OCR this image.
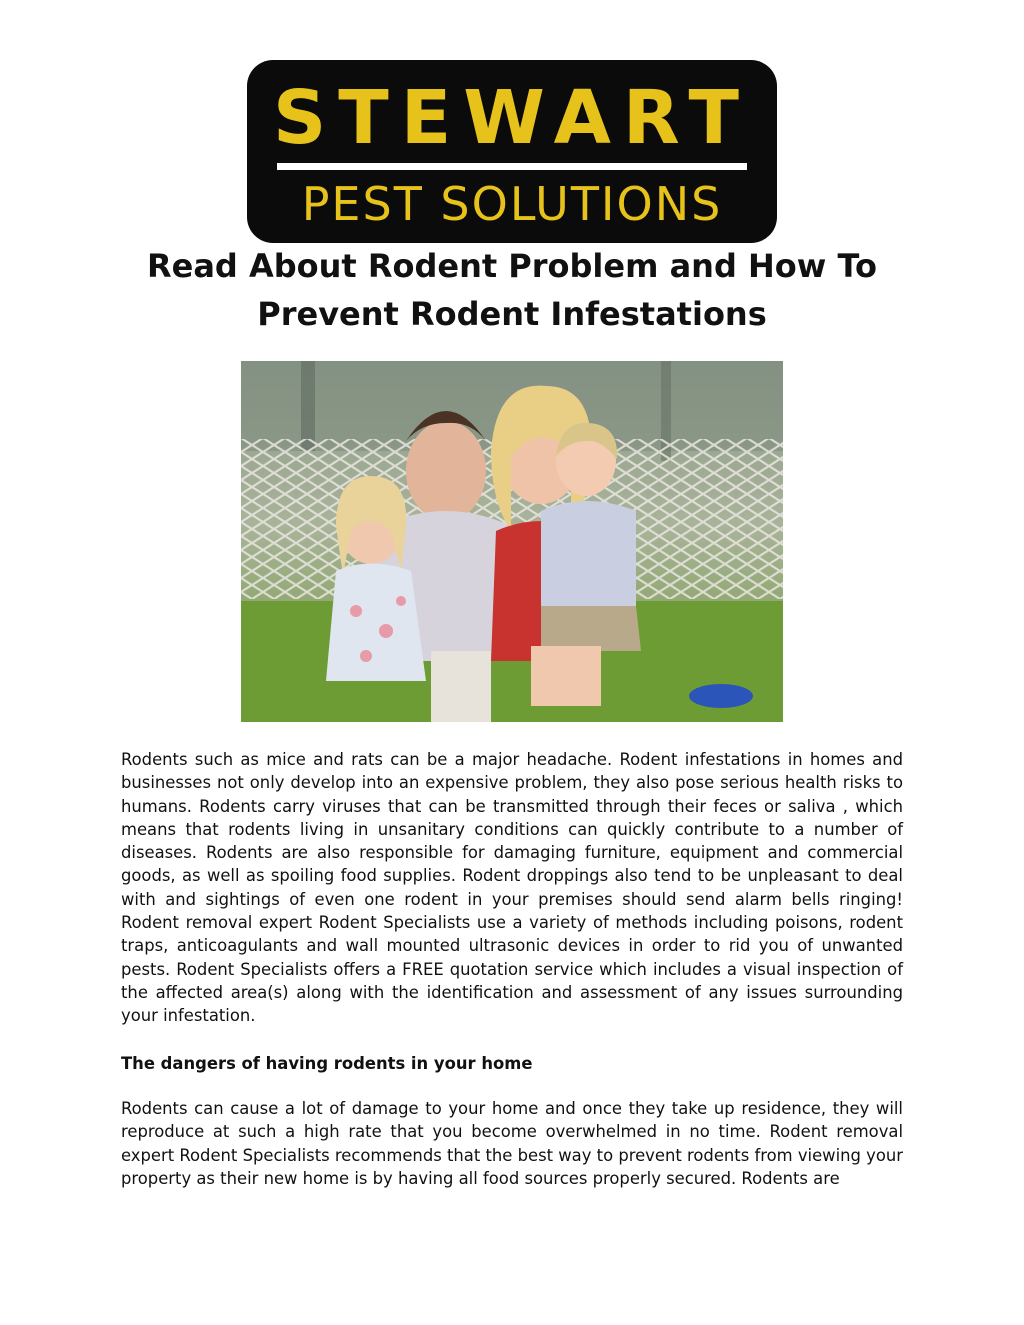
STEWART
PEST SOLUTIONS
Read About Rodent Problem and How To Prevent Rodent Infestations

Rodents such as mice and rats can be a major headache. Rodent infestations in homes and businesses not only develop into an expensive problem, they also pose serious health risks to humans. Rodents carry viruses that can be transmitted through their feces or saliva , which means that rodents living in unsanitary conditions can quickly contribute to a number of diseases. Rodents are also responsible for damaging furniture, equipment and commercial goods, as well as spoiling food supplies. Rodent droppings also tend to be unpleasant to deal with and sightings of even one rodent in your premises should send alarm bells ringing! Rodent removal expert Rodent Specialists use a variety of methods including poisons, rodent traps, anticoagulants and wall mounted ultrasonic devices in order to rid you of unwanted pests. Rodent Specialists offers a FREE quotation service which includes a visual inspection of the affected area(s) along with the identification and assessment of any issues surrounding your infestation.

The dangers of having rodents in your home

Rodents can cause a lot of damage to your home and once they take up residence, they will reproduce at such a high rate that you become overwhelmed in no time. Rodent removal expert Rodent Specialists recommends that the best way to prevent rodents from viewing your property as their new home is by having all food sources properly secured. Rodents are
